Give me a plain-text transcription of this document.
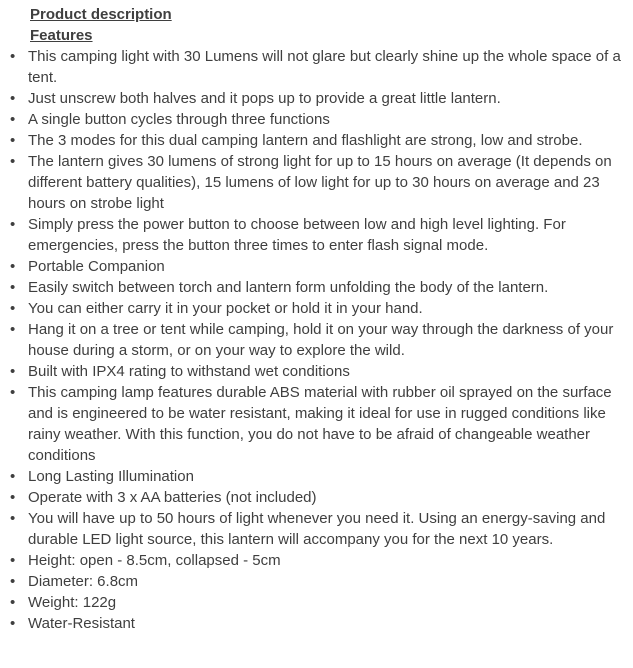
Product description
Features
• This camping light with 30 Lumens will not glare but clearly shine up the whole space of a tent.
• Just unscrew both halves and it pops up to provide a great little lantern.
• A single button cycles through three functions
• The 3 modes for this dual camping lantern and flashlight are strong, low and strobe.
• The lantern gives 30 lumens of strong light for up to 15 hours on average (It depends on different battery qualities), 15 lumens of low light for up to 30 hours on average and 23 hours on strobe light
• Simply press the power button to choose between low and high level lighting. For emergencies, press the button three times to enter flash signal mode.
• Portable Companion
• Easily switch between torch and lantern form unfolding the body of the lantern.
• You can either carry it in your pocket or hold it in your hand.
• Hang it on a tree or tent while camping, hold it on your way through the darkness of your house during a storm, or on your way to explore the wild.
• Built with IPX4 rating to withstand wet conditions
• This camping lamp features durable ABS material with rubber oil sprayed on the surface and is engineered to be water resistant, making it ideal for use in rugged conditions like rainy weather. With this function, you do not have to be afraid of changeable weather conditions
• Long Lasting Illumination
• Operate with 3 x AA batteries (not included)
• You will have up to 50 hours of light whenever you need it. Using an energy-saving and durable LED light source, this lantern will accompany you for the next 10 years.
• Height: open - 8.5cm, collapsed - 5cm
• Diameter: 6.8cm
• Weight: 122g
• Water-Resistant
